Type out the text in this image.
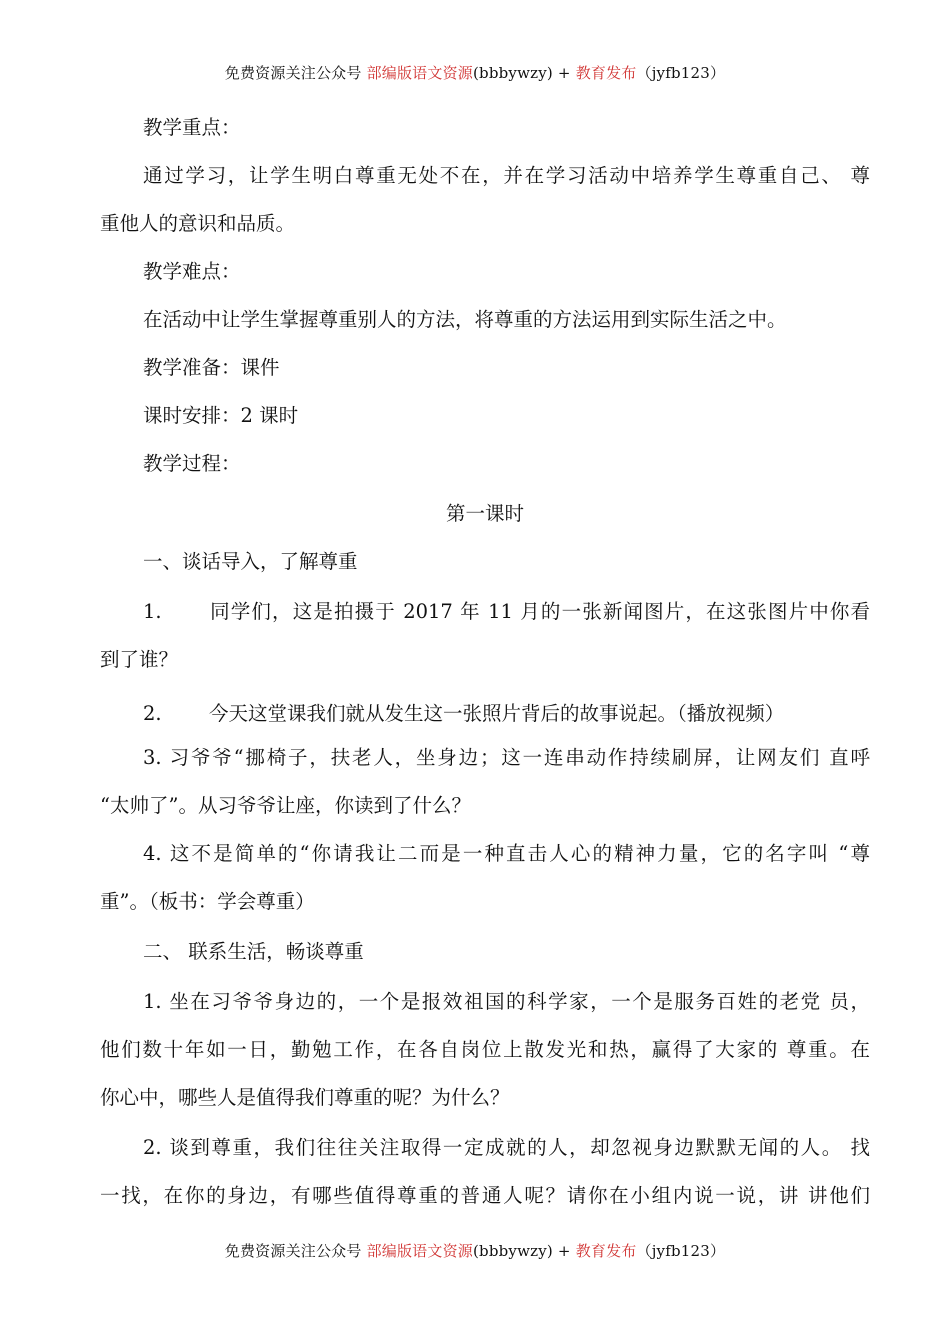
免费资源关注公众号 部编版语文资源(bbbywzy) + 教育发布（jyfb123）

教学重点：

通过学习，让学生明白尊重无处不在，并在学习活动中培养学生尊重自己、 尊

重他人的意识和品质。

教学难点：

在活动中让学生掌握尊重别人的方法，将尊重的方法运用到实际生活之中。

教学准备：课件

课时安排：2 课时

教学过程：

第一课时

一、谈话导入，了解尊重

1. 同学们，这是拍摄于 2017 年 11 月的一张新闻图片，在这张图片中你看

到了谁？

2. 今天这堂课我们就从发生这一张照片背后的故事说起。（播放视频）

3. 习爷爷“挪椅子，扶老人，坐身边；这一连串动作持续刷屏，让网友们 直呼

“太帅了”。从习爷爷让座，你读到了什么？

4. 这不是简单的“你请我让二而是一种直击人心的精神力量，它的名字叫 “尊

重”。（板书：学会尊重）

二、 联系生活，畅谈尊重

1. 坐在习爷爷身边的，一个是报效祖国的科学家，一个是服务百姓的老党 员，

他们数十年如一日，勤勉工作，在各自岗位上散发光和热，赢得了大家的 尊重。在

你心中，哪些人是值得我们尊重的呢？为什么？

2. 谈到尊重，我们往往关注取得一定成就的人，却忽视身边默默无闻的人。 找

一找，在你的身边，有哪些值得尊重的普通人呢？请你在小组内说一说，讲 讲他们

免费资源关注公众号 部编版语文资源(bbbywzy) + 教育发布（jyfb123）
